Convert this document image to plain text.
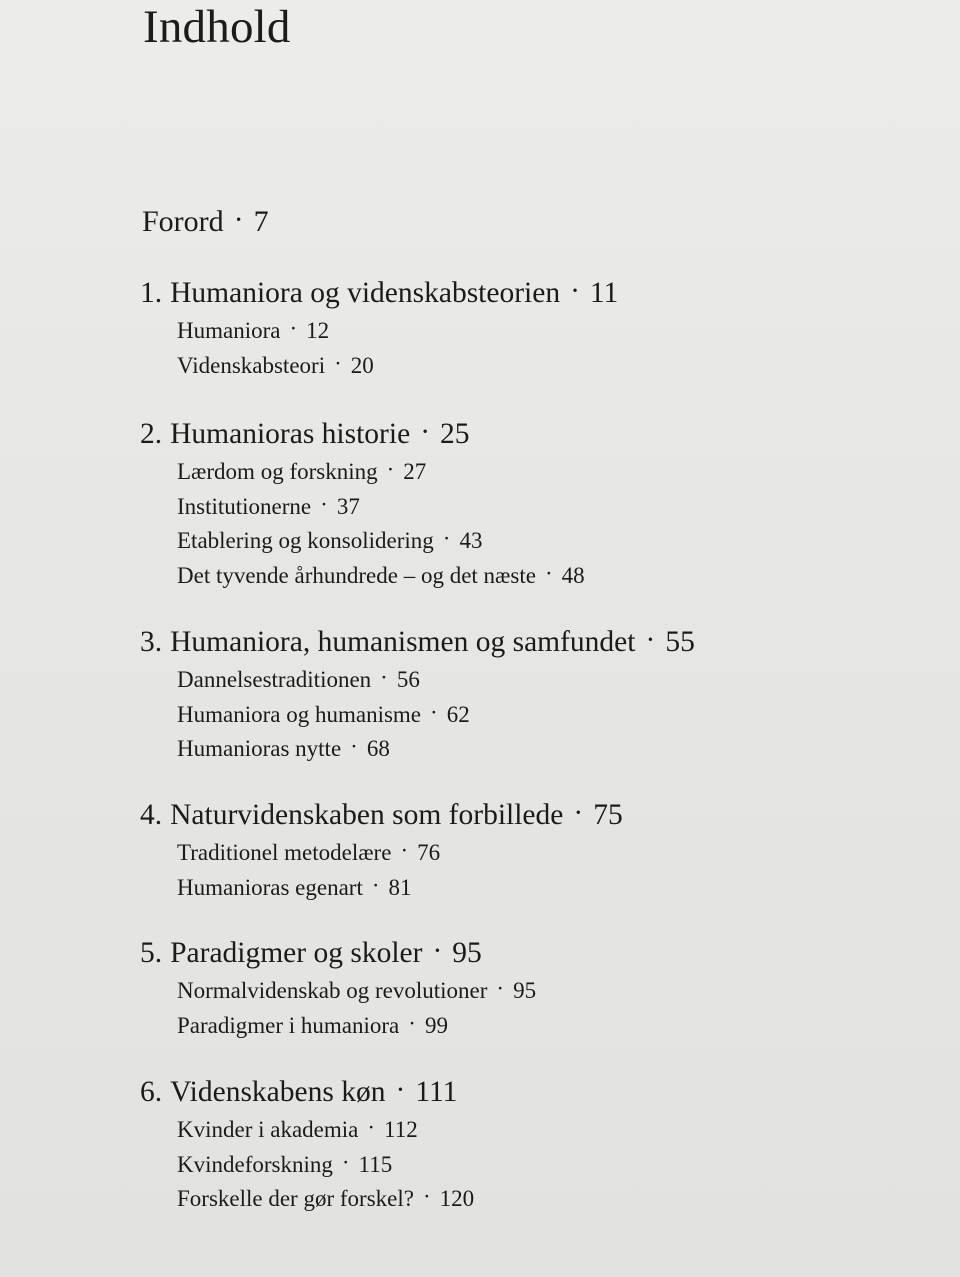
Indhold
Forord · 7
1. Humaniora og videnskabsteorien · 11
Humaniora · 12
Videnskabsteori · 20
2. Humanioras historie · 25
Lærdom og forskning · 27
Institutionerne · 37
Etablering og konsolidering · 43
Det tyvende århundrede – og det næste · 48
3. Humaniora, humanismen og samfundet · 55
Dannelsestraditionen · 56
Humaniora og humanisme · 62
Humanioras nytte · 68
4. Naturvidenskaben som forbillede · 75
Traditionel metodelære · 76
Humanioras egenart · 81
5. Paradigmer og skoler · 95
Normalvidenskab og revolutioner · 95
Paradigmer i humaniora · 99
6. Videnskabens køn · 111
Kvinder i akademia · 112
Kvindeforskning · 115
Forskelle der gør forskel? · 120
